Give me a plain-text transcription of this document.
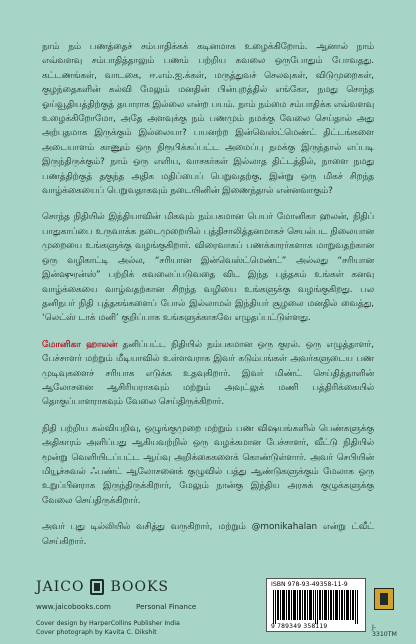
நாம் நம் பணத்தைச் சம்பாதிக்கக் கடினமாக உழைக்கிறோம். ஆனால் நாம் எவ்வளவு சம்பாதித்தாலும் பணம் பற்றிய கவலை ஒருபோதும் போவதது. கட்டணங்கள், வாடகை, ஈ.எம்.ஐ.க்கள், மருத்துவச் செலவுகள், விடுமுறைகள், குழந்தைகளின் கல்வி மேலும் மனதின் பின்புறத்தில் எங்கோ, நமது சொந்த ஓய்வூதியத்திற்குத் தயாராக இல்லை என்ற பயம். நாம் நம்மை சம்பாதிக்க எவ்வளவு உழைக்கிறோமோ, அதே அளவுக்கு நம் பணமும் நமக்கு வேலை செய்தால் அது அற்புதமாக இருக்கும் இல்லையா? பயனற்ற இன்வெஸ்ட்மெண்ட் திட்டங்களை அடையாளம் காணும் ஒரு நிரூபிக்கப்பட்ட அமைப்பு நமக்கு இருந்தால் எப்படி இருந்திருக்கும்? நாம் ஒரு எளிய, வாசகர்கள் இல்லாத திட்டத்தில், நாளை நமது பணத்திற்குத் தகுந்த அதிக மதிப்பைப் பெறுவதற்கு, இன்று ஒரு மிகச் சிறந்த வாழ்க்கையைப் பெறுவதாகவும் நடையினின் இணைந்தால் என்னவாகும்?

சொந்த நிதியில் இந்தியாவின் மிகவும் நம்பகமான பெயர் மோனிகா ஹலன், நிதிப் பாதுகாப்பை உருவாக்க நடைமுறையில் புத்திசாலித்தனமாகச் செயல்பட நிலையான முறையை உங்களுக்கு வழங்குகிறார். விரைவாகப் பணக்காரர்களாக மாறுவதற்கான ஒரு வழிகாட்டி அல்ல, “சரியான இன்வெஸ்ட்மெண்ட்” அல்லது “சரியான இன்ஷுரன்ஸ்” பற்றிக் கவலைப்படுவதை விட இந்த புத்தகம் உங்கள் கனவு வாழ்க்கையை வாழ்வதற்கான சிறந்த வழியை உங்களுக்கு வழங்குகிறது. பல தனிநபர் நிதி புத்தகங்களைப் போல் இல்லாமல் இந்தியர் சூழலை மனதில் வைத்து, ‘லெட்ஸ் டாக் மனி’ குறிப்பாக உங்களுக்காகவே எழுதப்பட்டுள்ளது.

மோனிகா ஹாலன் தனிப்பட்ட நிதியில் நம்பகமான ஒரு குரல். ஒரு எழுத்தாளர், பேச்சாளர் மற்றும் மீடியாவில் உள்ளவராக இவர் கடும்பங்கள் அவர்களுடைய பண முடிவுகளைச் சரியாக எடுக்க உதவுகிறார். இவர் மிண்ட் செய்தித்தாளின் ஆலோசனை ஆசிரியராகவும் மற்றும் அவுட்லுக் மணி பத்திரிக்கையில் தொகுப்பாளராகவும் வேலை செய்திருக்கிறார்.

நிதி பற்றிய கல்வியறிவு, ஒழுங்குமுறை மற்றும் பண விஷயங்களில் பெண்களுக்கு அதிகாரம் அளிப்பது ஆகியவற்றில் ஒரு வழக்கமான பேச்சாளர், வீட்டு நிதியில் மூன்று வெளியிடப்பட்ட ஆய்வு அறிக்கைகளைக் கொண்டுள்ளார். அவர் செபியின் மியூச்சுவல் ஃபண்ட் ஆலோசனைக் குழுவில் பத்து ஆண்டுகளுக்கும் மேலாக ஒரு உறுப்பினராக இருந்திருக்கிறார், மேலும் நான்கு இந்திய அரசுக் குழுக்களுக்கு வேலை செய்திருக்கிறார்.

அவர் புது டில்லியில் வசித்து வருகிறார், மற்றும் @monikahalan என்று ட்வீட் செய்கிறார்.

JAICO BOOKS
www.jaicobooks.com	Personal Finance
Cover design by HarperCollins Publisher India
Cover photograph by Kavita C. Dikshit
ISBN 978-93-49358-11-9
9 789349 358119	J-3310TM
